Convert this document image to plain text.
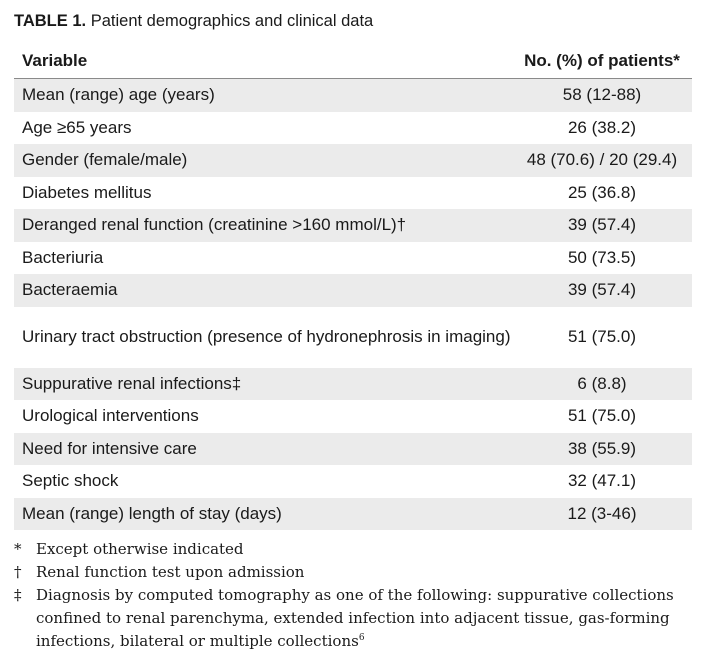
TABLE 1. Patient demographics and clinical data
Variable	No. (%) of patients*
Mean (range) age (years)	58 (12-88)
Age ≥65 years	26 (38.2)
Gender (female/male)	48 (70.6) / 20 (29.4)
Diabetes mellitus	25 (36.8)
Deranged renal function (creatinine >160 mmol/L)†	39 (57.4)
Bacteriuria	50 (73.5)
Bacteraemia	39 (57.4)
Urinary tract obstruction (presence of hydronephrosis in imaging)	51 (75.0)
Suppurative renal infections‡	6 (8.8)
Urological interventions	51 (75.0)
Need for intensive care	38 (55.9)
Septic shock	32 (47.1)
Mean (range) length of stay (days)	12 (3-46)
* Except otherwise indicated
† Renal function test upon admission
‡ Diagnosis by computed tomography as one of the following: suppurative collections confined to renal parenchyma, extended infection into adjacent tissue, gas-forming infections, bilateral or multiple collections$^6$
